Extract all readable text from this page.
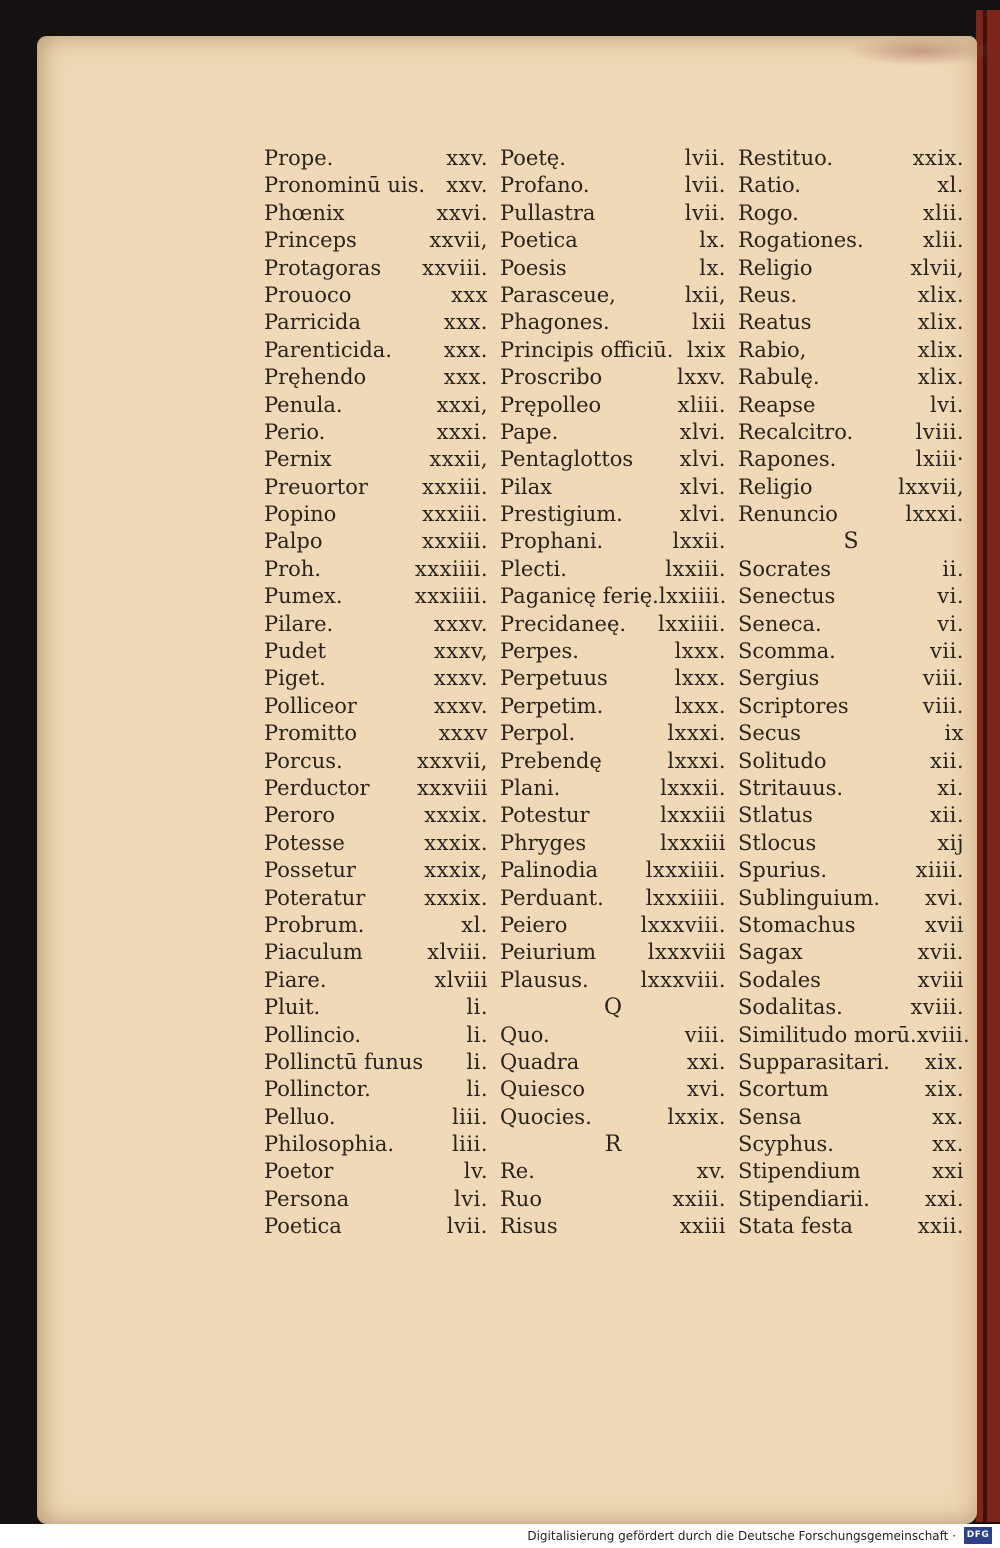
Prope.	xxv.
Pronominū uis. xxv.
Phœnix	xxvi.
Princeps	xxvii,
Protagoras xxviii.
Prouoco	xxx
Parricida	xxx.
Parenticida. xxx.
Pręhendo	xxx.
Penula.	xxxi,
Perio.	xxxi.
Pernix	xxxii,
Preuortor	xxxiii.
Popino	xxxiii.
Palpo	xxxiii.
Proh.	xxxiiii.
Pumex.	xxxiiii.
Pilare.	xxxv.
Pudet	xxxv,
Piget.	xxxv.
Polliceor	xxxv.
Promitto	xxxv
Porcus.	xxxvii,
Perductor xxxviii
Peroro	xxxix.
Potesse	xxxix.
Possetur	xxxix,
Poteratur	xxxix.
Probrum.	xl.
Piaculum	xlviii.
Piare.	xlviii
Pluit.	li.
Pollincio.	li.
Pollinctū funus li.
Pollinctor.	li.
Pelluo.	liii.
Philosophia.	liii.
Poetor	lv.
Persona	lvi.
Poetica	lvii.
Poetę.	lvii.
Profano.	lvii.
Pullastra	lvii.
Poetica	lx.
Poesis	lx.
Parasceue,	lxii,
Phagones.	lxii
Principis officiū. lxix
Proscribo	lxxv.
Prępolleo	xliii.
Pape.	xlvi.
Pentaglottos xlvi.
Pilax	xlvi.
Prestigium.	xlvi.
Prophani.	lxxii.
Plecti.	lxxiii.
Paganicę ferię. lxxiiii.
Precidaneę. lxxiiii.
Perpes.	lxxx.
Perpetuus	lxxx.
Perpetim.	lxxx.
Perpol.	lxxxi.
Prebendę	lxxxi.
Plani.	lxxxii.
Potestur	lxxxiii
Phryges	lxxxiii
Palinodia lxxxiiii.
Perduant. lxxxiiii.
Peiero	lxxxviii.
Peiurium lxxxviii
Plausus. lxxxviii.
Q
Quo.	viii.
Quadra	xxi.
Quiesco	xvi.
Quocies.	lxxix.
R
Re.	xv.
Ruo	xxiii.
Risus	xxiii
Restituo.	xxix.
Ratio.	xl.
Rogo.	xlii.
Rogationes.	xlii.
Religio	xlvii,
Reus.	xlix.
Reatus	xlix.
Rabio,	xlix.
Rabulę.	xlix.
Reapse	lvi.
Recalcitro.	lviii.
Rapones.	lxiii·
Religio	lxxvii,
Renuncio	lxxxi.
S
Socrates	ii.
Senectus	vi.
Seneca.	vi.
Scomma.	vii.
Sergius	viii.
Scriptores	viii.
Secus	ix
Solitudo	xii.
Stritauus.	xi.
Stlatus	xii.
Stlocus	xij
Spurius.	xiiii.
Sublinguium. xvi.
Stomachus	xvii
Sagax	xvii.
Sodales	xviii
Sodalitas.	xviii.
Similitudo morū. xviii.
Supparasitari. xix.
Scortum	xix.
Sensa	xx.
Scyphus.	xx.
Stipendium	xxi
Stipendiarii.	xxi.
Stata festa	xxii.
Digitalisierung gefördert durch die Deutsche Forschungsgemeinschaft ·	DFG
